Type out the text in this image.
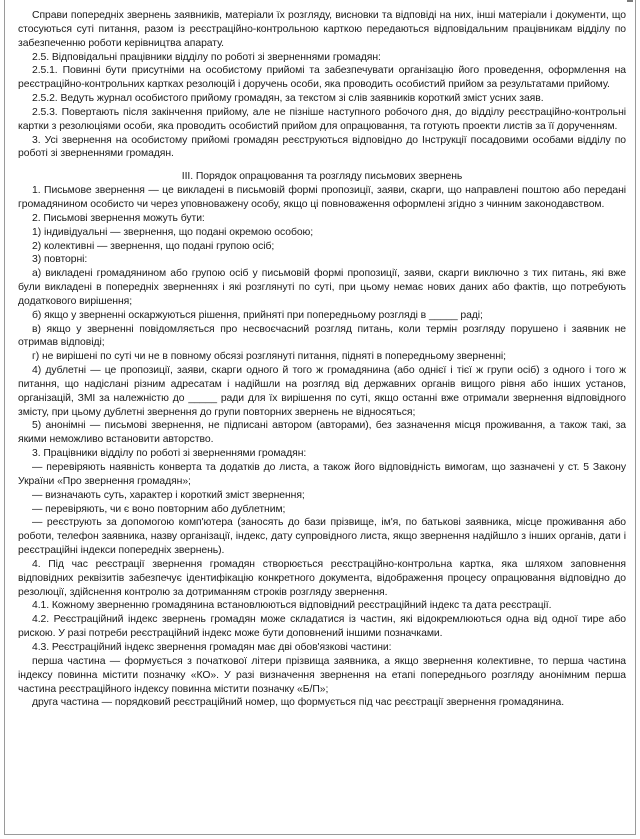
Справи попередніх звернень заявників, матеріали їх розгляду, висновки та відповіді на них, інші матеріали і документи, що стосуються суті питання, разом із реєстраційно-контрольною карткою передаються відповідальним працівникам відділу по забезпеченню роботи керівництва апарату.

2.5. Відповідальні працівники відділу по роботі зі зверненнями громадян:

2.5.1. Повинні бути присутніми на особистому прийомі та забезпечувати організацію його проведення, оформлення на реєстраційно-контрольних картках резолюцій і доручень особи, яка проводить особистий прийом за результатами прийому.

2.5.2. Ведуть журнал особистого прийому громадян, за текстом зі слів заявників короткий зміст усних заяв.

2.5.3. Повертають після закінчення прийому, але не пізніше наступного робочого дня, до відділу реєстраційно-контрольні картки з резолюціями особи, яка проводить особистий прийом для опрацювання, та готують проекти листів за її дорученням.

3. Усі звернення на особистому прийомі громадян реєструються відповідно до Інструкції посадовими особами відділу по роботі зі зверненнями громадян.

ІІІ. Порядок опрацювання та розгляду письмових звернень

1. Письмове звернення — це викладені в письмовій формі пропозиції, заяви, скарги, що направлені поштою або передані громадянином особисто чи через уповноважену особу, якщо ці повноваження оформлені згідно з чинним законодавством.

2. Письмові звернення можуть бути:

1) індивідуальні — звернення, що подані окремою особою;

2) колективні — звернення, що подані групою осіб;

3) повторні:

а) викладені громадянином або групою осіб у письмовій формі пропозиції, заяви, скарги виключно з тих питань, які вже були викладені в попередніх зверненнях і які розглянуті по суті, при цьому немає нових даних або фактів, що потребують додаткового вирішення;

б) якщо у зверненні оскаржуються рішення, прийняті при попередньому розгляді в _____ раді;

в) якщо у зверненні повідомляється про несвоєчасний розгляд питань, коли термін розгляду порушено і заявник не отримав відповіді;

г) не вирішені по суті чи не в повному обсязі розглянуті питання, підняті в попередньому зверненні;

4) дублетні — це пропозиції, заяви, скарги одного й того ж громадянина (або однієї і тієї ж групи осіб) з одного і того ж питання, що надіслані різним адресатам і надійшли на розгляд від державних органів вищого рівня або інших установ, організацій, ЗМІ за належністю до _____ ради для їх вирішення по суті, якщо останні вже отримали звернення відповідного змісту, при цьому дублетні звернення до групи повторних звернень не відносяться;

5) анонімні — письмові звернення, не підписані автором (авторами), без зазначення місця проживання, а також такі, за якими неможливо встановити авторство.

3. Працівники відділу по роботі зі зверненнями громадян:

— перевіряють наявність конверта та додатків до листа, а також його відповідність вимогам, що зазначені у ст. 5 Закону України «Про звернення громадян»;

— визначають суть, характер і короткий зміст звернення;

— перевіряють, чи є воно повторним або дублетним;

— реєструють за допомогою комп'ютера (заносять до бази прізвище, ім'я, по батькові заявника, місце проживання або роботи, телефон заявника, назву організації, індекс, дату супровідного листа, якщо звернення надійшло з інших органів, дати і реєстраційні індекси попередніх звернень).

4. Під час реєстрації звернення громадян створюється реєстраційно-контрольна картка, яка шляхом заповнення відповідних реквізитів забезпечує ідентифікацію конкретного документа, відображення процесу опрацювання відповідно до резолюції, здійснення контролю за дотриманням строків розгляду звернення.

4.1. Кожному зверненню громадянина встановлюються відповідний реєстраційний індекс та дата реєстрації.

4.2. Реєстраційний індекс звернень громадян може складатися із частин, які відокремлюються одна від одної тире або рискою. У разі потреби реєстраційний індекс може бути доповнений іншими позначками.

4.3. Реєстраційний індекс звернення громадян має дві обов'язкові частини:

перша частина — формується з початкової літери прізвища заявника, а якщо звернення колективне, то перша частина індексу повинна містити позначку «КО». У разі визначення звернення на етапі попереднього розгляду анонімним перша частина реєстраційного індексу повинна містити позначку «Б/П»;

друга частина — порядковий реєстраційний номер, що формується під час реєстрації звернення громадянина.
